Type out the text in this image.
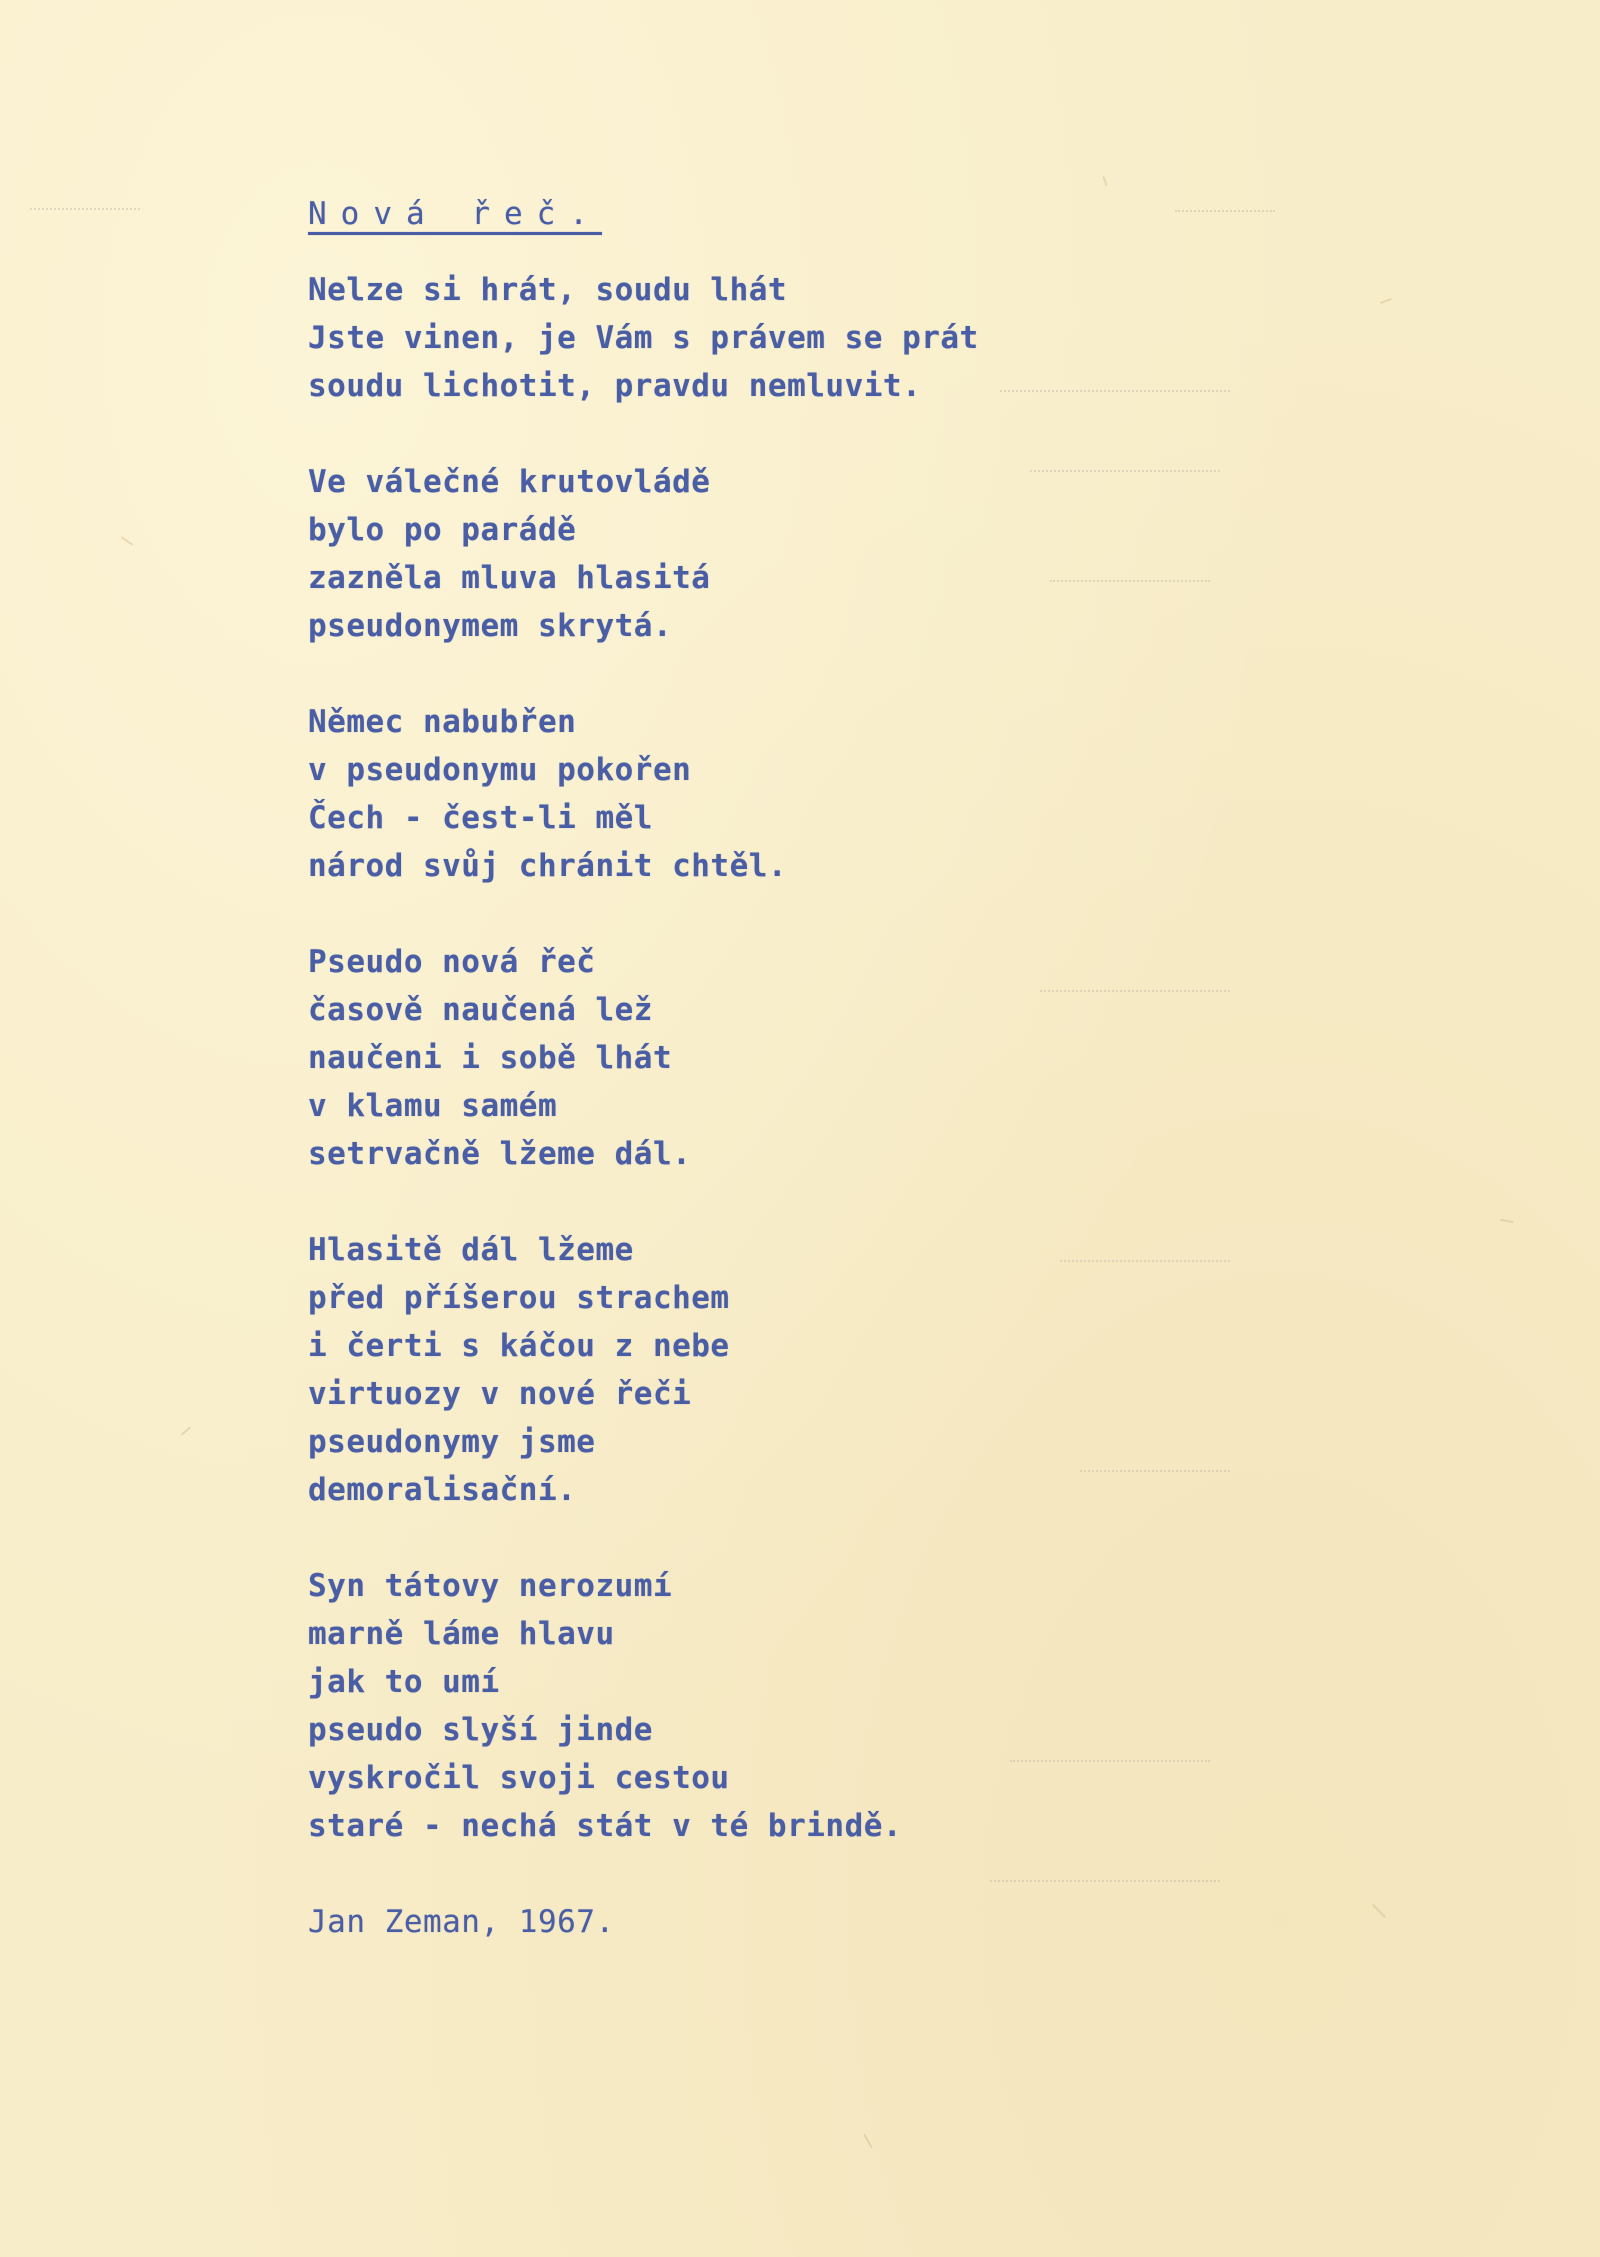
Nová řeč.
Nelze si hrát, soudu lhát
Jste vinen, je Vám s právem se prát
soudu lichotit, pravdu nemluvit.
Ve válečné krutovládě
bylo po parádě
zazněla mluva hlasitá
pseudonymem skrytá.
Němec nabubřen
v pseudonymu pokořen
Čech - čest-li měl
národ svůj chránit chtěl.
Pseudo nová řeč
časově naučená lež
naučeni i sobě lhát
v klamu samém
setrvačně lžeme dál.
Hlasitě dál lžeme
před příšerou strachem
i čerti s káčou z nebe
virtuozy v nové řeči
pseudonymy jsme
demoralisační.
Syn tátovy nerozumí
marně láme hlavu
jak to umí
pseudo slyší jinde
vyskročil svoji cestou
staré - nechá stát v té brindě.
Jan Zeman, 1967.
